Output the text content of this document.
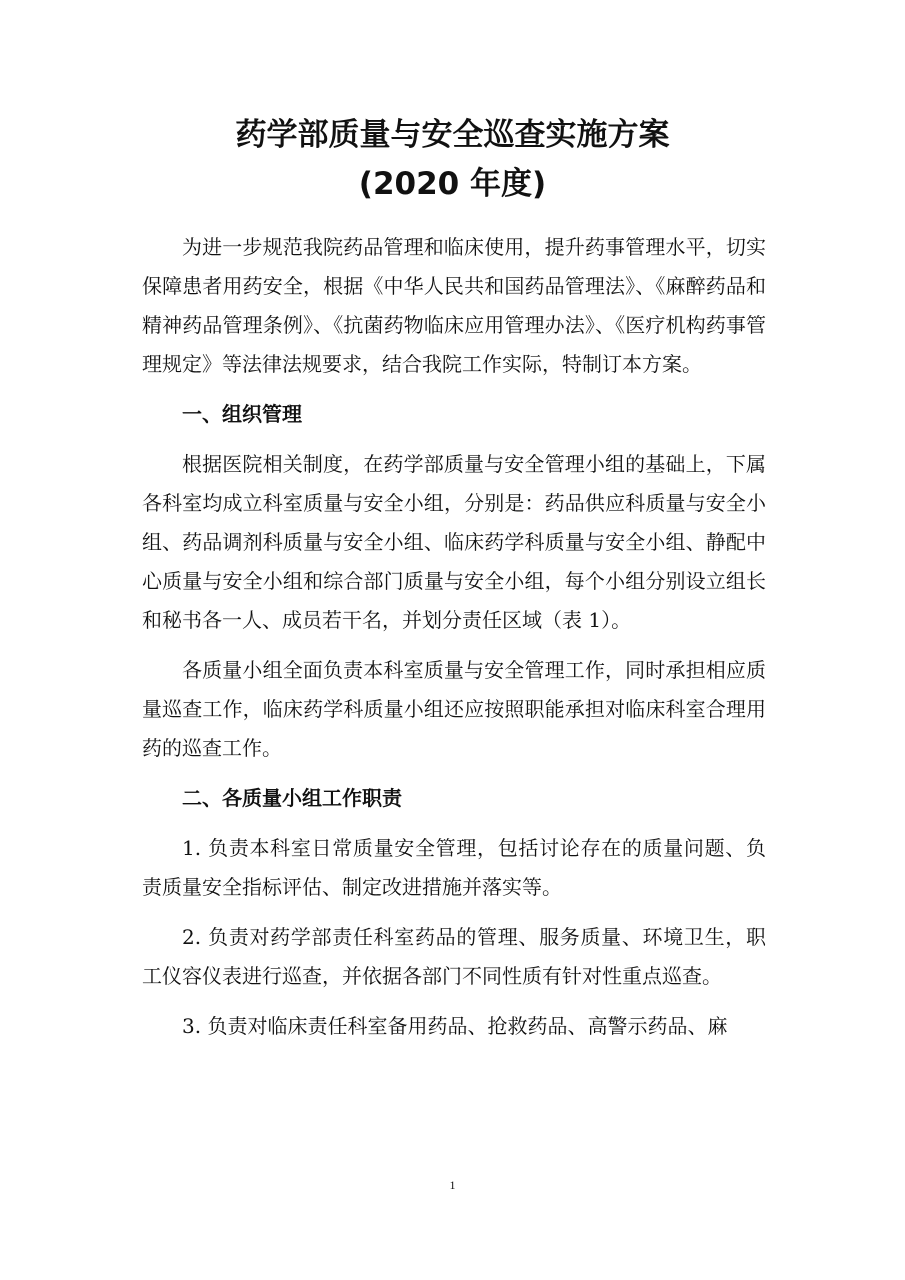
药学部质量与安全巡查实施方案
(2020 年度)

为进一步规范我院药品管理和临床使用，提升药事管理水平，切实保障患者用药安全，根据《中华人民共和国药品管理法》、《麻醉药品和精神药品管理条例》、《抗菌药物临床应用管理办法》、《医疗机构药事管理规定》等法律法规要求，结合我院工作实际，特制订本方案。

一、组织管理

根据医院相关制度，在药学部质量与安全管理小组的基础上，下属各科室均成立科室质量与安全小组，分别是：药品供应科质量与安全小组、药品调剂科质量与安全小组、临床药学科质量与安全小组、静配中心质量与安全小组和综合部门质量与安全小组，每个小组分别设立组长和秘书各一人、成员若干名，并划分责任区域（表 1）。

各质量小组全面负责本科室质量与安全管理工作，同时承担相应质量巡查工作，临床药学科质量小组还应按照职能承担对临床科室合理用药的巡查工作。

二、各质量小组工作职责

1. 负责本科室日常质量安全管理，包括讨论存在的质量问题、负责质量安全指标评估、制定改进措施并落实等。

2. 负责对药学部责任科室药品的管理、服务质量、环境卫生，职工仪容仪表进行巡查，并依据各部门不同性质有针对性重点巡查。

3. 负责对临床责任科室备用药品、抢救药品、高警示药品、麻

1
